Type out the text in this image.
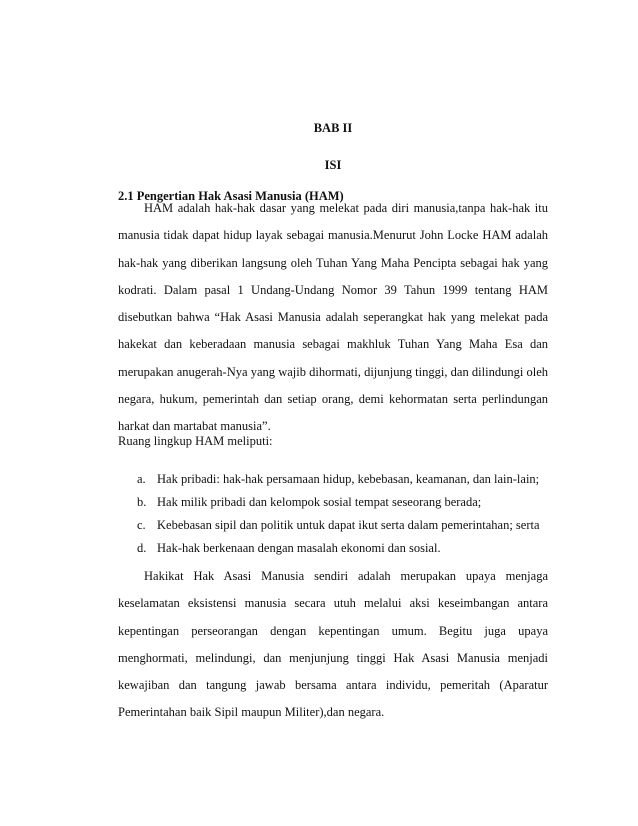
BAB II
ISI
2.1 Pengertian Hak Asasi Manusia (HAM)

HAM adalah hak-hak dasar yang melekat pada diri manusia,tanpa hak-hak itu manusia tidak dapat hidup layak sebagai manusia.Menurut John Locke HAM adalah hak-hak yang diberikan langsung oleh Tuhan Yang Maha Pencipta sebagai hak yang kodrati. Dalam pasal 1 Undang-Undang Nomor 39 Tahun 1999 tentang HAM disebutkan bahwa “Hak Asasi Manusia adalah seperangkat hak yang melekat pada hakekat dan keberadaan manusia sebagai makhluk Tuhan Yang Maha Esa dan merupakan anugerah-Nya yang wajib dihormati, dijunjung tinggi, dan dilindungi oleh negara, hukum, pemerintah dan setiap orang, demi kehormatan serta perlindungan harkat dan martabat manusia”.

Ruang lingkup HAM meliputi:

a. Hak pribadi: hak-hak persamaan hidup, kebebasan, keamanan, dan lain-lain;
b. Hak milik pribadi dan kelompok sosial tempat seseorang berada;
c. Kebebasan sipil dan politik untuk dapat ikut serta dalam pemerintahan; serta
d. Hak-hak berkenaan dengan masalah ekonomi dan sosial.

Hakikat Hak Asasi Manusia sendiri adalah merupakan upaya menjaga keselamatan eksistensi manusia secara utuh melalui aksi keseimbangan antara kepentingan perseorangan dengan kepentingan umum. Begitu juga upaya menghormati, melindungi, dan menjunjung tinggi Hak Asasi Manusia menjadi kewajiban dan tangung jawab bersama antara individu, pemeritah (Aparatur Pemerintahan baik Sipil maupun Militer),dan negara.
